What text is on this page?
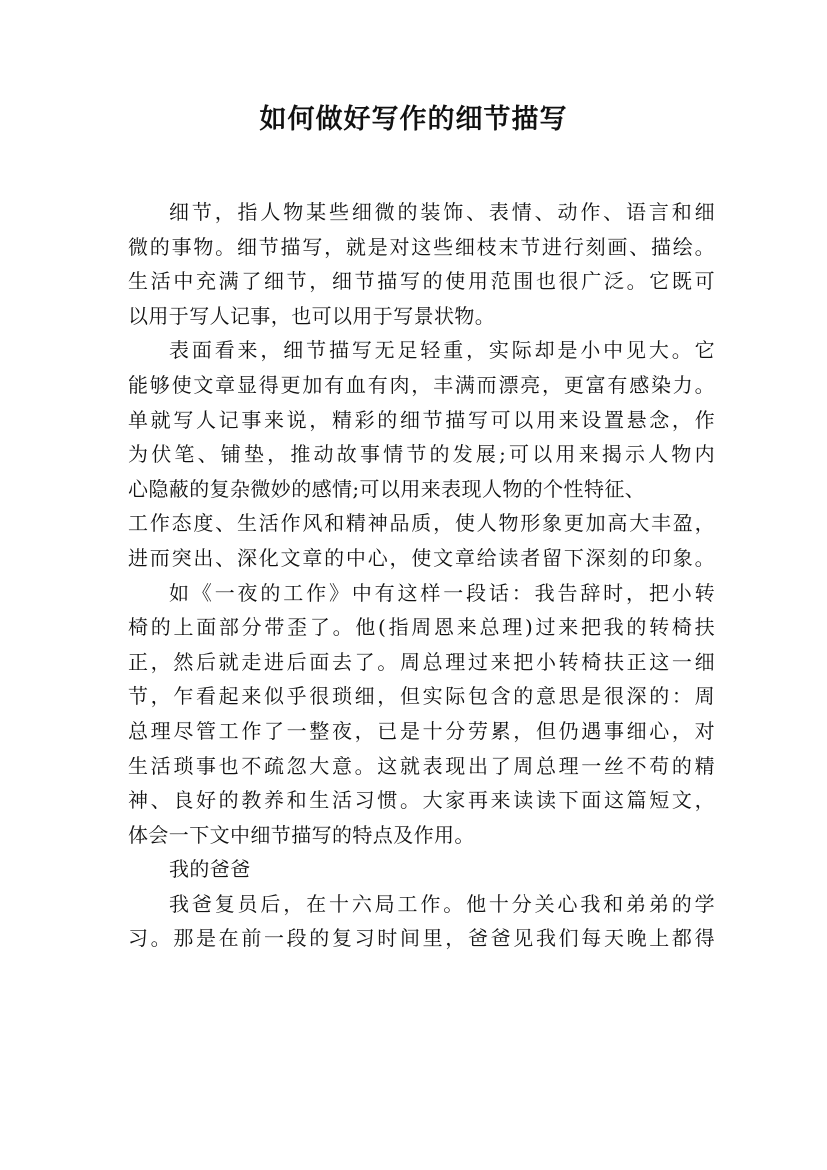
如何做好写作的细节描写
细节，指人物某些细微的装饰、表情、动作、语言和细
微的事物。细节描写，就是对这些细枝末节进行刻画、描绘。
生活中充满了细节，细节描写的使用范围也很广泛。它既可
以用于写人记事，也可以用于写景状物。
表面看来，细节描写无足轻重，实际却是小中见大。它
能够使文章显得更加有血有肉，丰满而漂亮，更富有感染力。
单就写人记事来说，精彩的细节描写可以用来设置悬念，作
为伏笔、铺垫，推动故事情节的发展;可以用来揭示人物内
心隐蔽的复杂微妙的感情;可以用来表现人物的个性特征、
工作态度、生活作风和精神品质，使人物形象更加高大丰盈，
进而突出、深化文章的中心，使文章给读者留下深刻的印象。
如《一夜的工作》中有这样一段话：我告辞时，把小转
椅的上面部分带歪了。他(指周恩来总理)过来把我的转椅扶
正，然后就走进后面去了。周总理过来把小转椅扶正这一细
节，乍看起来似乎很琐细，但实际包含的意思是很深的：周
总理尽管工作了一整夜，已是十分劳累，但仍遇事细心，对
生活琐事也不疏忽大意。这就表现出了周总理一丝不苟的精
神、良好的教养和生活习惯。大家再来读读下面这篇短文，
体会一下文中细节描写的特点及作用。
我的爸爸
我爸复员后，在十六局工作。他十分关心我和弟弟的学
习。那是在前一段的复习时间里，爸爸见我们每天晚上都得
